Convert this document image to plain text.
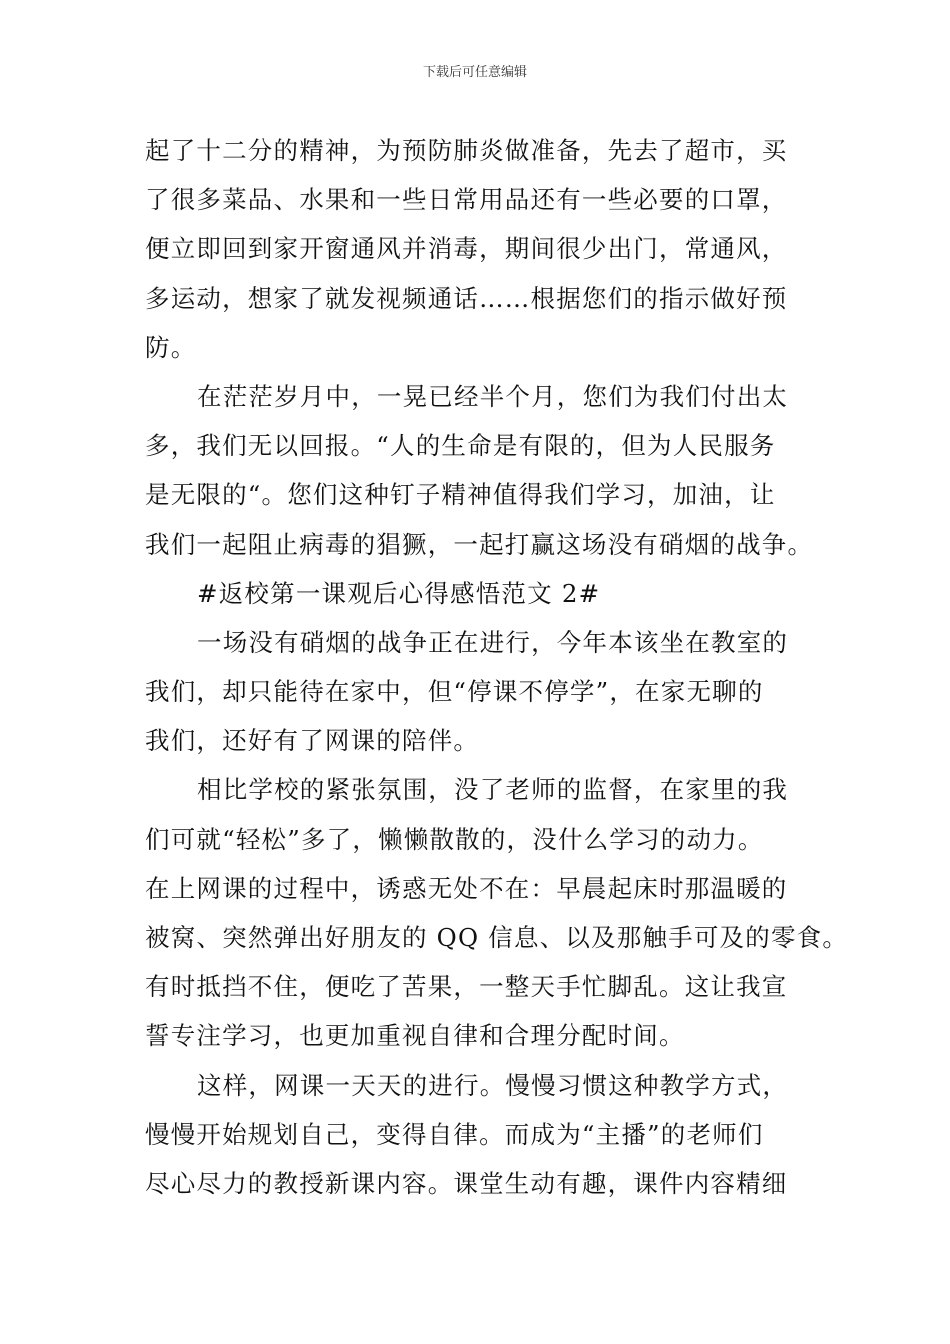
下载后可任意编辑
起了十二分的精神，为预防肺炎做准备，先去了超市，买
了很多菜品、水果和一些日常用品还有一些必要的口罩，
便立即回到家开窗通风并消毒，期间很少出门，常通风，
多运动，想家了就发视频通话……根据您们的指示做好预
防。
在茫茫岁月中，一晃已经半个月，您们为我们付出太
多，我们无以回报。“人的生命是有限的，但为人民服务
是无限的“。您们这种钉子精神值得我们学习，加油，让
我们一起阻止病毒的猖獗，一起打赢这场没有硝烟的战争。
#返校第一课观后心得感悟范文 2#
一场没有硝烟的战争正在进行，今年本该坐在教室的
我们，却只能待在家中，但“停课不停学”，在家无聊的
我们，还好有了网课的陪伴。
相比学校的紧张氛围，没了老师的监督，在家里的我
们可就“轻松”多了，懒懒散散的，没什么学习的动力。
在上网课的过程中，诱惑无处不在：早晨起床时那温暖的
被窝、突然弹出好朋友的 QQ 信息、以及那触手可及的零食。
有时抵挡不住，便吃了苦果，一整天手忙脚乱。这让我宣
誓专注学习，也更加重视自律和合理分配时间。
这样，网课一天天的进行。慢慢习惯这种教学方式，
慢慢开始规划自己，变得自律。而成为“主播”的老师们
尽心尽力的教授新课内容。课堂生动有趣，课件内容精细
